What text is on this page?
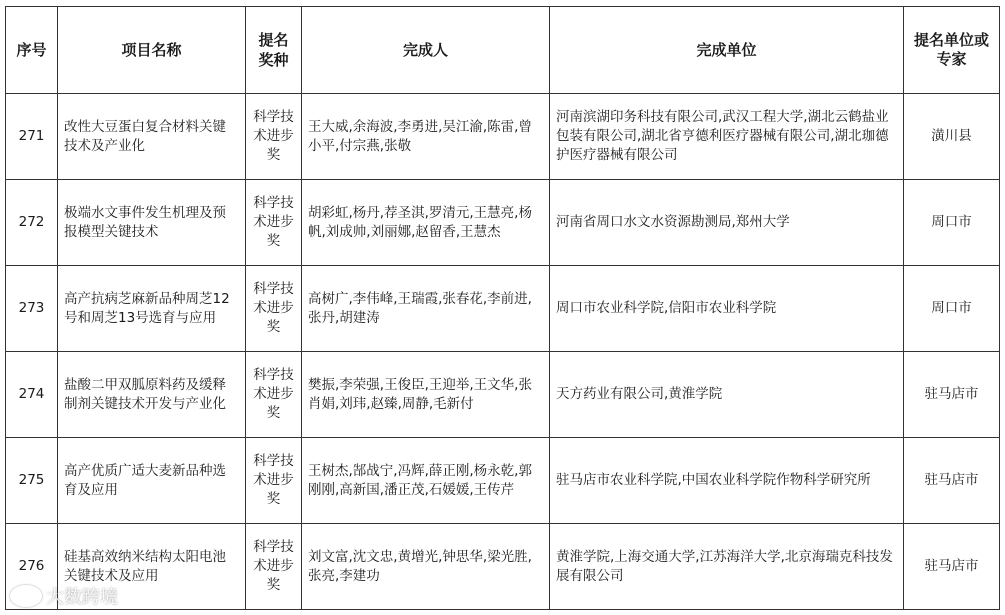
序号	项目名称	提名奖种	完成人	完成单位	提名单位或专家
271	改性大豆蛋白复合材料关键技术及产业化	科学技术进步奖	王大威,余海波,李勇进,吴江渝,陈雷,曾小平,付宗燕,张敬	河南滨湖印务科技有限公司,武汉工程大学,湖北云鹤盐业包装有限公司,湖北省亨德利医疗器械有限公司,湖北珈德护医疗器械有限公司	潢川县
272	极端水文事件发生机理及预报模型关键技术	科学技术进步奖	胡彩虹,杨丹,荐圣淇,罗清元,王慧亮,杨帆,刘成帅,刘丽娜,赵留香,王慧杰	河南省周口水文水资源勘测局,郑州大学	周口市
273	高产抗病芝麻新品种周芝12号和周芝13号选育与应用	科学技术进步奖	高树广,李伟峰,王瑞霞,张春花,李前进,张丹,胡建涛	周口市农业科学院,信阳市农业科学院	周口市
274	盐酸二甲双胍原料药及缓释制剂关键技术开发与产业化	科学技术进步奖	樊振,李荣强,王俊臣,王迎举,王文华,张肖娟,刘玮,赵臻,周静,毛新付	天方药业有限公司,黄淮学院	驻马店市
275	高产优质广适大麦新品种选育及应用	科学技术进步奖	王树杰,郜战宁,冯辉,薛正刚,杨永乾,郭刚刚,高新国,潘正茂,石媛媛,王传芹	驻马店市农业科学院,中国农业科学院作物科学研究所	驻马店市
276	硅基高效纳米结构太阳电池关键技术及应用	科学技术进步奖	刘文富,沈文忠,黄增光,钟思华,梁光胜,张亮,李建功	黄淮学院,上海交通大学,江苏海洋大学,北京海瑞克科技发展有限公司	驻马店市
大数跨境
